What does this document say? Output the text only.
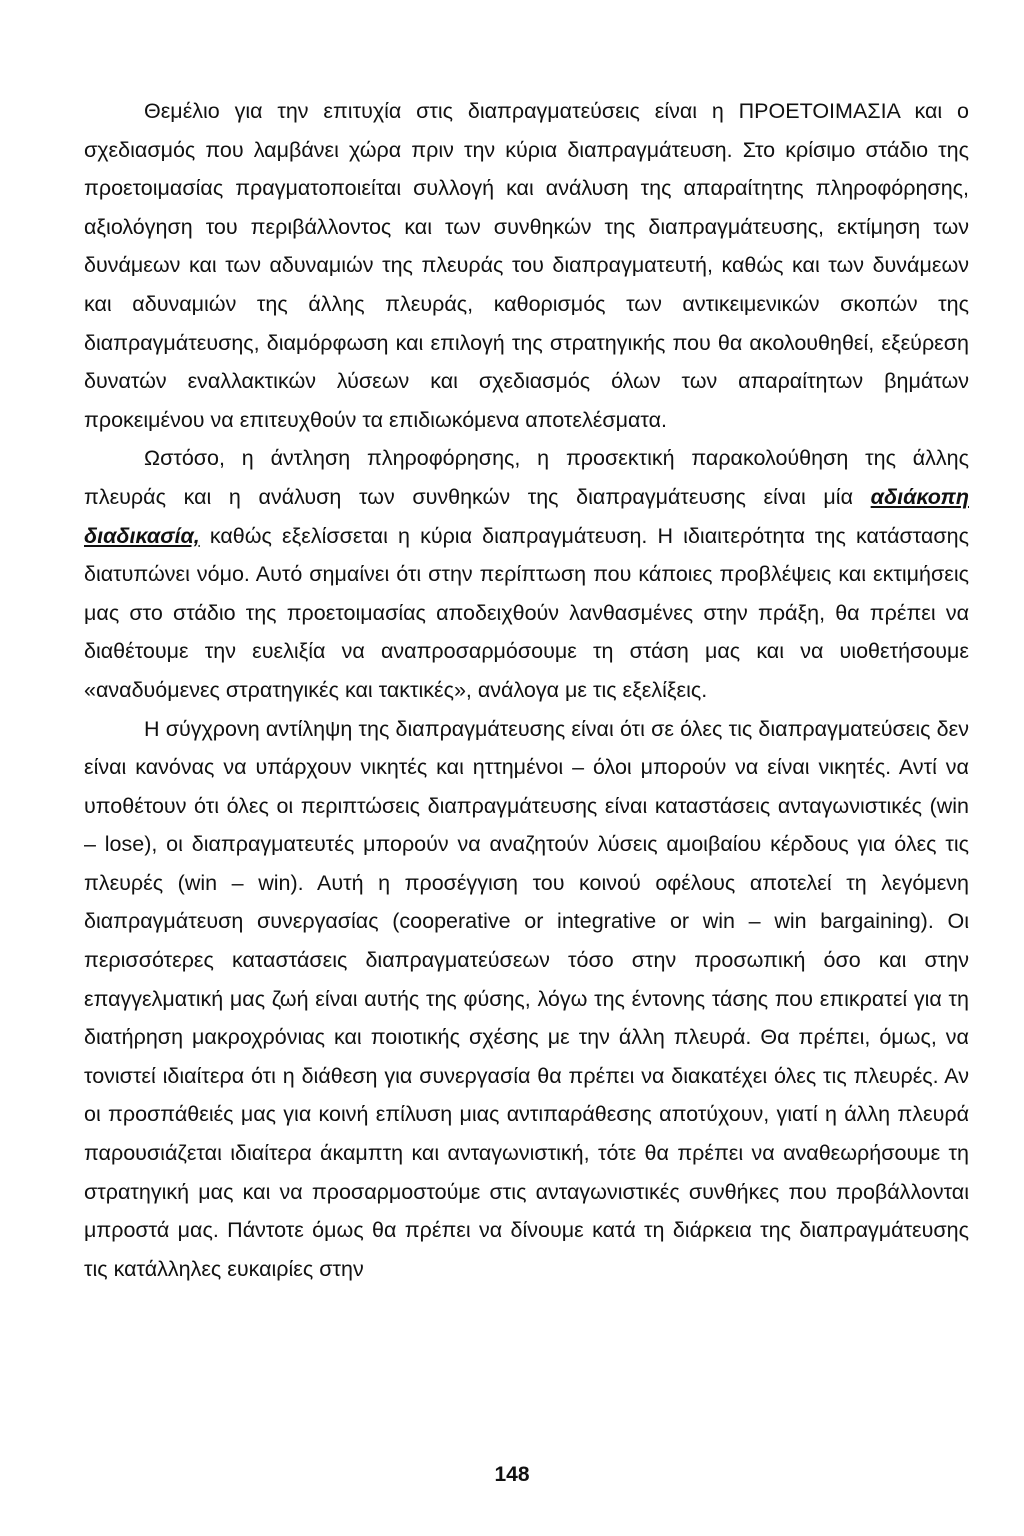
Θεμέλιο για την επιτυχία στις διαπραγματεύσεις είναι η ΠΡΟΕΤΟΙΜΑΣΙΑ και ο σχεδιασμός που λαμβάνει χώρα πριν την κύρια διαπραγμάτευση. Στο κρίσιμο στάδιο της προετοιμασίας πραγματοποιείται συλλογή και ανάλυση της απαραίτητης πληροφόρησης, αξιολόγηση του περιβάλλοντος και των συνθηκών της διαπραγμάτευσης, εκτίμηση των δυνάμεων και των αδυναμιών της πλευράς του διαπραγματευτή, καθώς και των δυνάμεων και αδυναμιών της άλλης πλευράς, καθορισμός των αντικειμενικών σκοπών της διαπραγμάτευσης, διαμόρφωση και επιλογή της στρατηγικής που θα ακολουθηθεί, εξεύρεση δυνατών εναλλακτικών λύσεων και σχεδιασμός όλων των απαραίτητων βημάτων προκειμένου να επιτευχθούν τα επιδιωκόμενα αποτελέσματα.

Ωστόσο, η άντληση πληροφόρησης, η προσεκτική παρακολούθηση της άλλης πλευράς και η ανάλυση των συνθηκών της διαπραγμάτευσης είναι μία αδιάκοπη διαδικασία, καθώς εξελίσσεται η κύρια διαπραγμάτευση. Η ιδιαιτερότητα της κατάστασης διατυπώνει νόμο. Αυτό σημαίνει ότι στην περίπτωση που κάποιες προβλέψεις και εκτιμήσεις μας στο στάδιο της προετοιμασίας αποδειχθούν λανθασμένες στην πράξη, θα πρέπει να διαθέτουμε την ευελιξία να αναπροσαρμόσουμε τη στάση μας και να υιοθετήσουμε «αναδυόμενες στρατηγικές και τακτικές», ανάλογα με τις εξελίξεις.

Η σύγχρονη αντίληψη της διαπραγμάτευσης είναι ότι σε όλες τις διαπραγματεύσεις δεν είναι κανόνας να υπάρχουν νικητές και ηττημένοι – όλοι μπορούν να είναι νικητές. Αντί να υποθέτουν ότι όλες οι περιπτώσεις διαπραγμάτευσης είναι καταστάσεις ανταγωνιστικές (win – lose), οι διαπραγματευτές μπορούν να αναζητούν λύσεις αμοιβαίου κέρδους για όλες τις πλευρές (win – win). Αυτή η προσέγγιση του κοινού οφέλους αποτελεί τη λεγόμενη διαπραγμάτευση συνεργασίας (cooperative or integrative or win – win bargaining). Οι περισσότερες καταστάσεις διαπραγματεύσεων τόσο στην προσωπική όσο και στην επαγγελματική μας ζωή είναι αυτής της φύσης, λόγω της έντονης τάσης που επικρατεί για τη διατήρηση μακροχρόνιας και ποιοτικής σχέσης με την άλλη πλευρά. Θα πρέπει, όμως, να τονιστεί ιδιαίτερα ότι η διάθεση για συνεργασία θα πρέπει να διακατέχει όλες τις πλευρές. Αν οι προσπάθειές μας για κοινή επίλυση μιας αντιπαράθεσης αποτύχουν, γιατί η άλλη πλευρά παρουσιάζεται ιδιαίτερα άκαμπτη και ανταγωνιστική, τότε θα πρέπει να αναθεωρήσουμε τη στρατηγική μας και να προσαρμοστούμε στις ανταγωνιστικές συνθήκες που προβάλλονται μπροστά μας. Πάντοτε όμως θα πρέπει να δίνουμε κατά τη διάρκεια της διαπραγμάτευσης τις κατάλληλες ευκαιρίες στην

148
